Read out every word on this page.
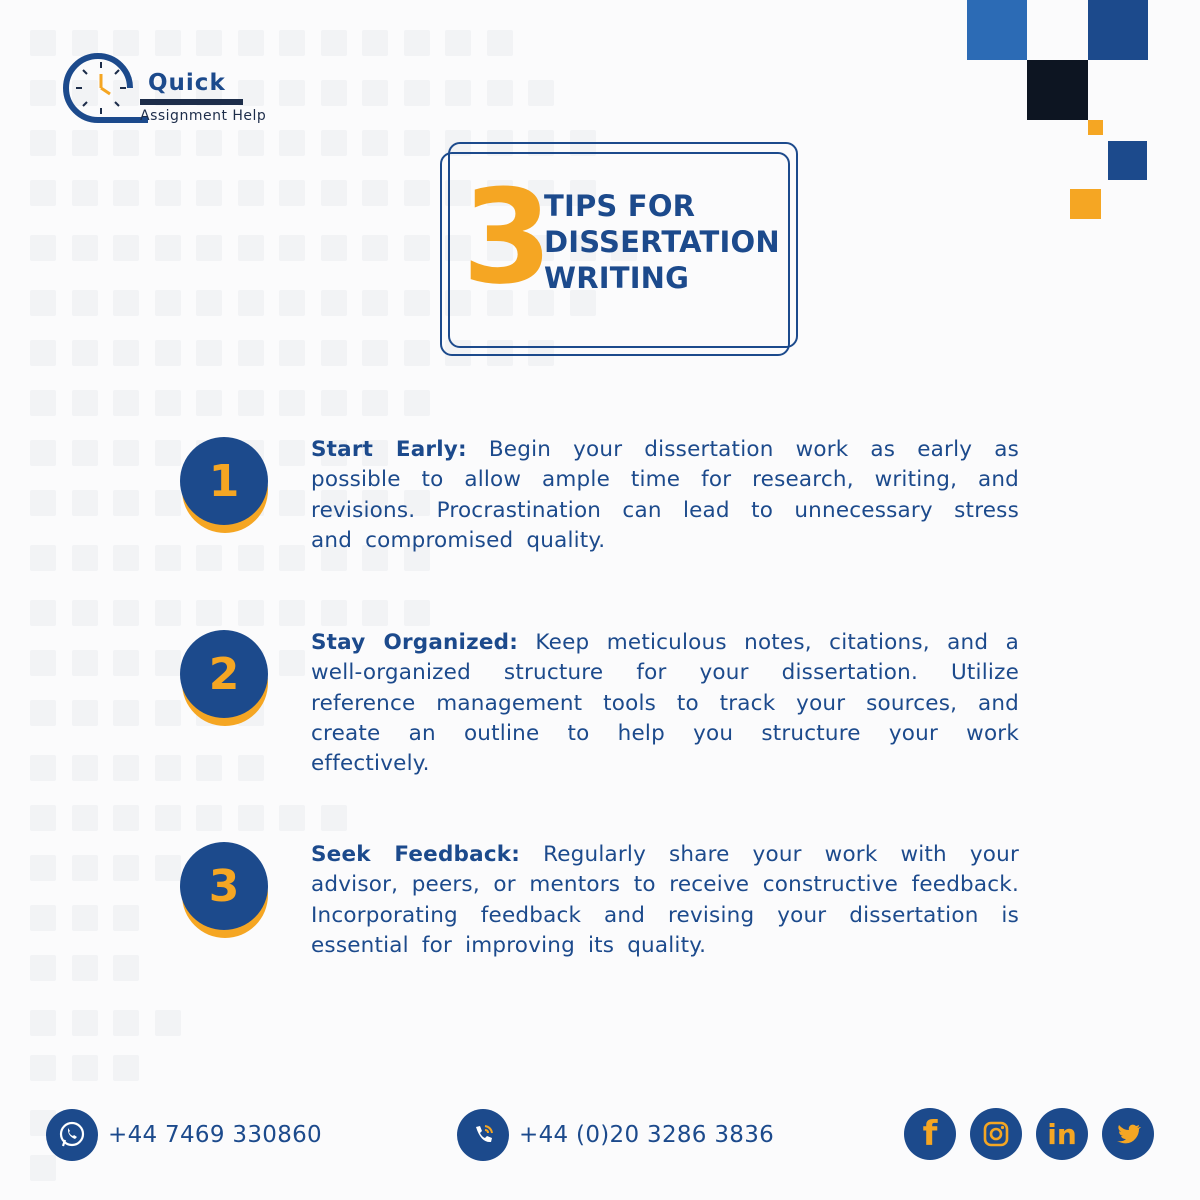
Quick
Assignment Help
3
TIPS FOR
DISSERTATION
WRITING
1
Start Early: Begin your dissertation work as early as possible to allow ample time for research, writing, and revisions. Procrastination can lead to unnecessary stress and compromised quality.
2
Stay Organized: Keep meticulous notes, citations, and a well-organized structure for your dissertation. Utilize reference management tools to track your sources, and create an outline to help you structure your work effectively.
3
Seek Feedback: Regularly share your work with your advisor, peers, or mentors to receive constructive feedback. Incorporating feedback and revising your dissertation is essential for improving its quality.
+44 7469 330860	+44 (0)20 3286 3836	f	in
